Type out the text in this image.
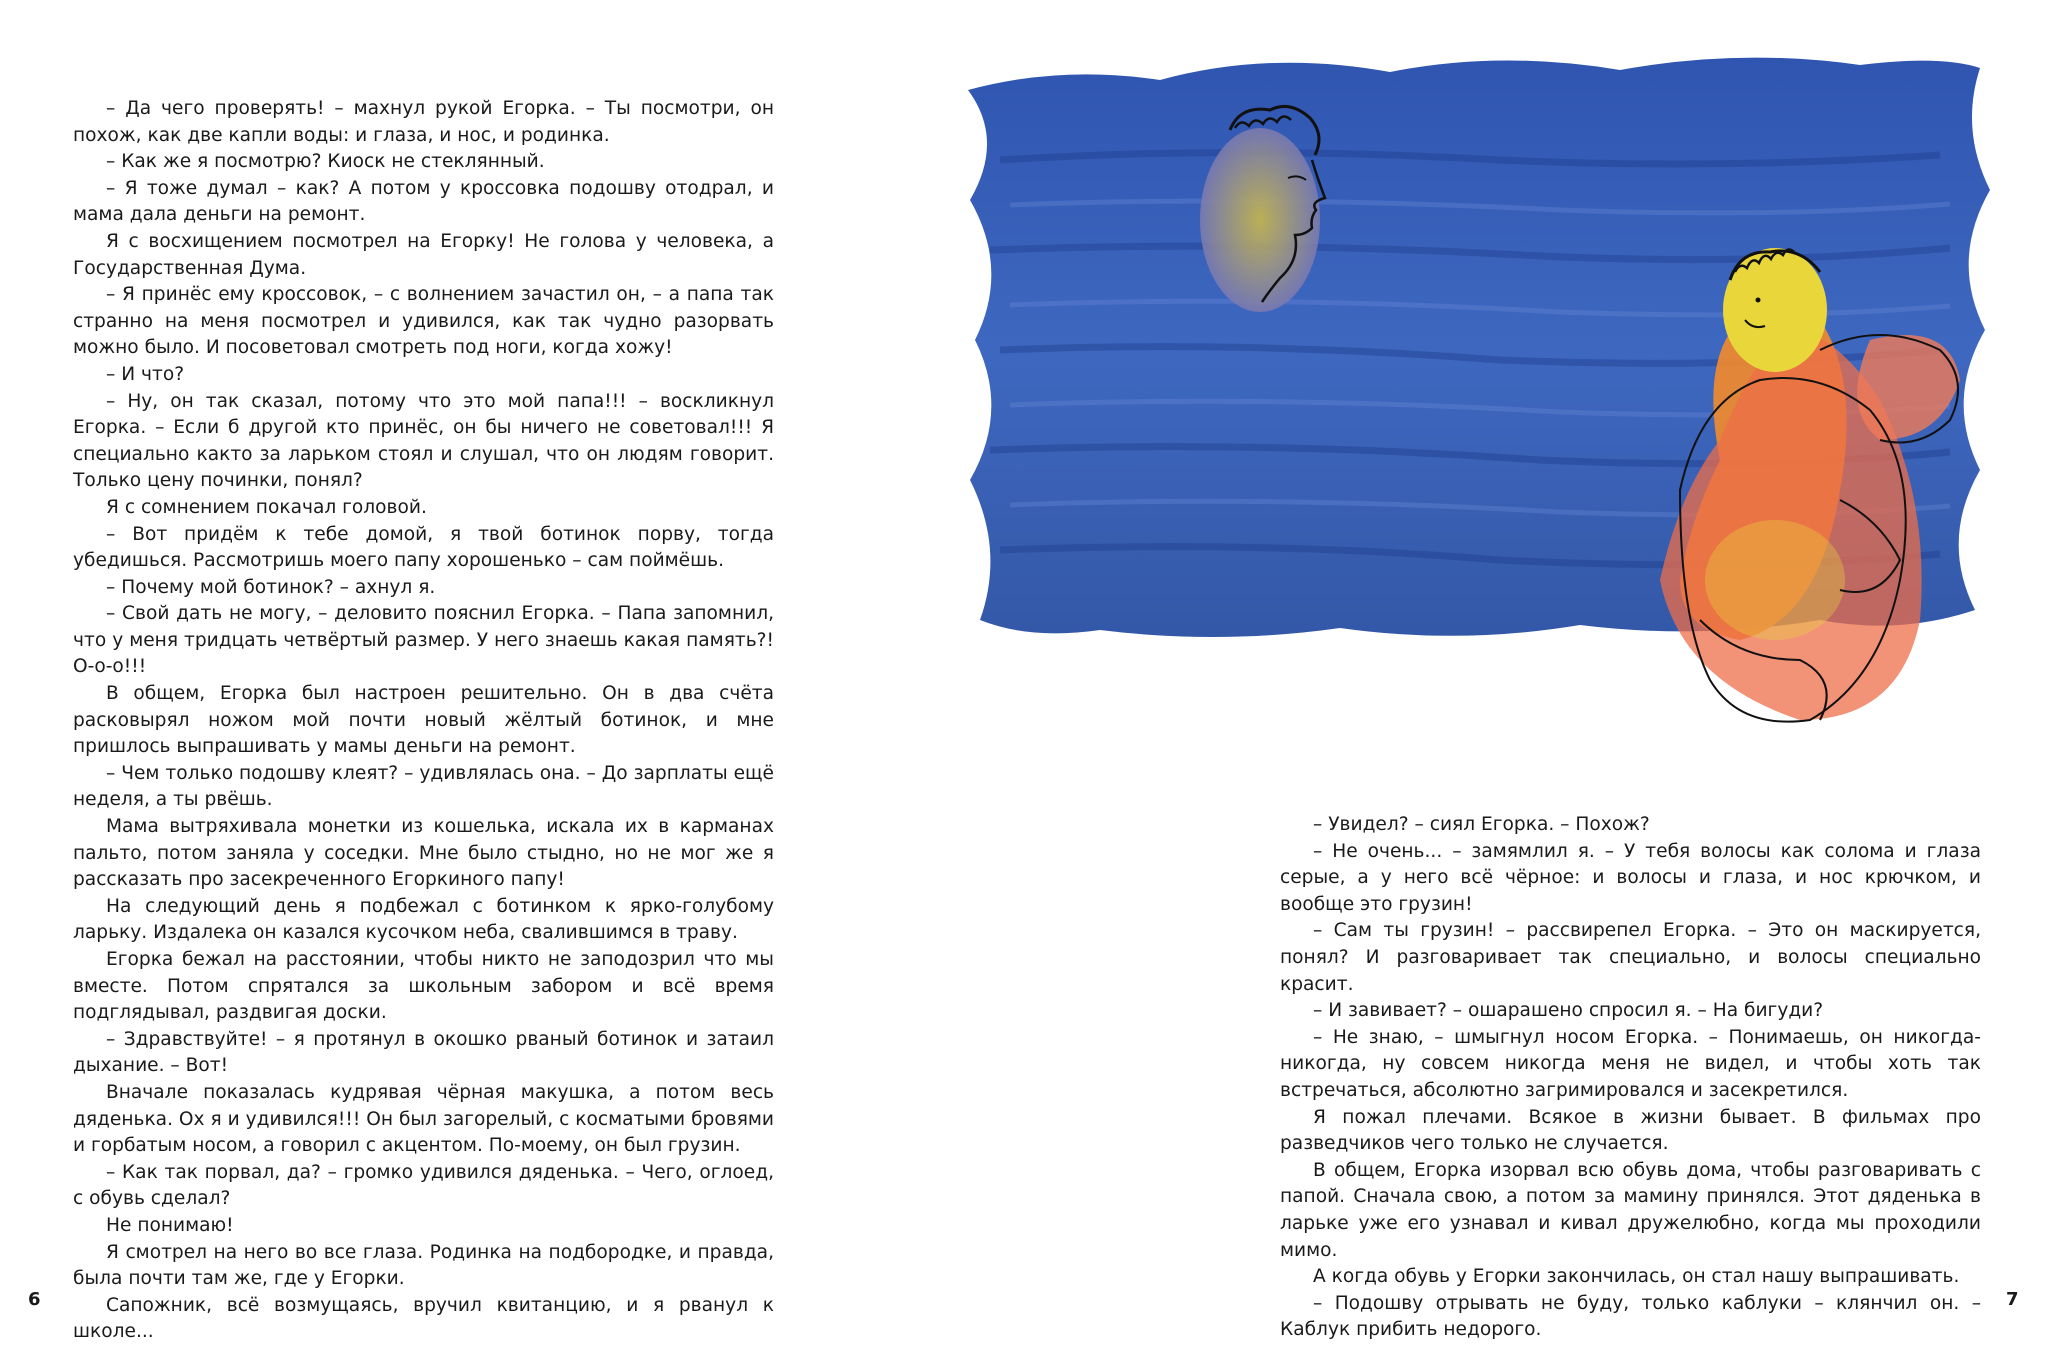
– Да чего проверять! – махнул рукой Егорка. – Ты посмотри, он похож, как две капли воды: и глаза, и нос, и родинка.

– Как же я посмотрю? Киоск не стеклянный.

– Я тоже думал – как? А потом у кроссовка подошву отодрал, и мама дала деньги на ремонт.

Я с восхищением посмотрел на Егорку! Не голова у человека, а Государственная Дума.

– Я принёс ему кроссовок, – с волнением зачастил он, – а папа так странно на меня посмотрел и удивился, как так чудно разорвать можно было. И посоветовал смотреть под ноги, когда хожу!

– И что?

– Ну, он так сказал, потому что это мой папа!!! – воскликнул Егорка. – Если б другой кто принёс, он бы ничего не советовал!!! Я специально както за ларьком стоял и слушал, что он людям говорит. Только цену починки, понял?

Я с сомнением покачал головой.

– Вот придём к тебе домой, я твой ботинок порву, тогда убедишься. Рассмотришь моего папу хорошенько – сам поймёшь.

– Почему мой ботинок? – ахнул я.

– Свой дать не могу, – деловито пояснил Егорка. – Папа запомнил, что у меня тридцать четвёртый размер. У него знаешь какая память?! О-о-о!!!

В общем, Егорка был настроен решительно. Он в два счёта расковырял ножом мой почти новый жёлтый ботинок, и мне пришлось выпрашивать у мамы деньги на ремонт.

– Чем только подошву клеят? – удивлялась она. – До зарплаты ещё неделя, а ты рвёшь.

Мама вытряхивала монетки из кошелька, искала их в карманах пальто, потом заняла у соседки. Мне было стыдно, но не мог же я рассказать про засекреченного Егоркиного папу!

На следующий день я подбежал с ботинком к ярко-голубому ларьку. Издалека он казался кусочком неба, свалившимся в траву.

Егорка бежал на расстоянии, чтобы никто не заподозрил что мы вместе. Потом спрятался за школьным забором и всё время подглядывал, раздвигая доски.

– Здравствуйте! – я протянул в окошко рваный ботинок и затаил дыхание. – Вот!

Вначале показалась кудрявая чёрная макушка, а потом весь дяденька. Ох я и удивился!!! Он был загорелый, с косматыми бровями и горбатым носом, а говорил с акцентом. По-моему, он был грузин.

– Как так порвал, да? – громко удивился дяденька. – Чего, оглоед, с обувь сделал?

Не понимаю!

Я смотрел на него во все глаза. Родинка на подбородке, и правда, была почти там же, где у Егорки.

Сапожник, всё возмущаясь, вручил квитанцию, и я рванул к школе...

6

– Увидел? – сиял Егорка. – Похож?

– Не очень... – замямлил я. – У тебя волосы как солома и глаза серые, а у него всё чёрное: и волосы и глаза, и нос крючком, и вообще это грузин!

– Сам ты грузин! – рассвирепел Егорка. – Это он маскируется, понял? И разговаривает так специально, и волосы специально красит.

– И завивает? – ошарашено спросил я. – На бигуди?

– Не знаю, – шмыгнул носом Егорка. – Понимаешь, он никогда-никогда, ну совсем никогда меня не видел, и чтобы хоть так встречаться, абсолютно загримировался и засекретился.

Я пожал плечами. Всякое в жизни бывает. В фильмах про разведчиков чего только не случается.

В общем, Егорка изорвал всю обувь дома, чтобы разговаривать с папой. Сначала свою, а потом за мамину принялся. Этот дяденька в ларьке уже его узнавал и кивал дружелюбно, когда мы проходили мимо.

А когда обувь у Егорки закончилась, он стал нашу выпрашивать.

– Подошву отрывать не буду, только каблуки – клянчил он. – Каблук прибить недорого.

7
